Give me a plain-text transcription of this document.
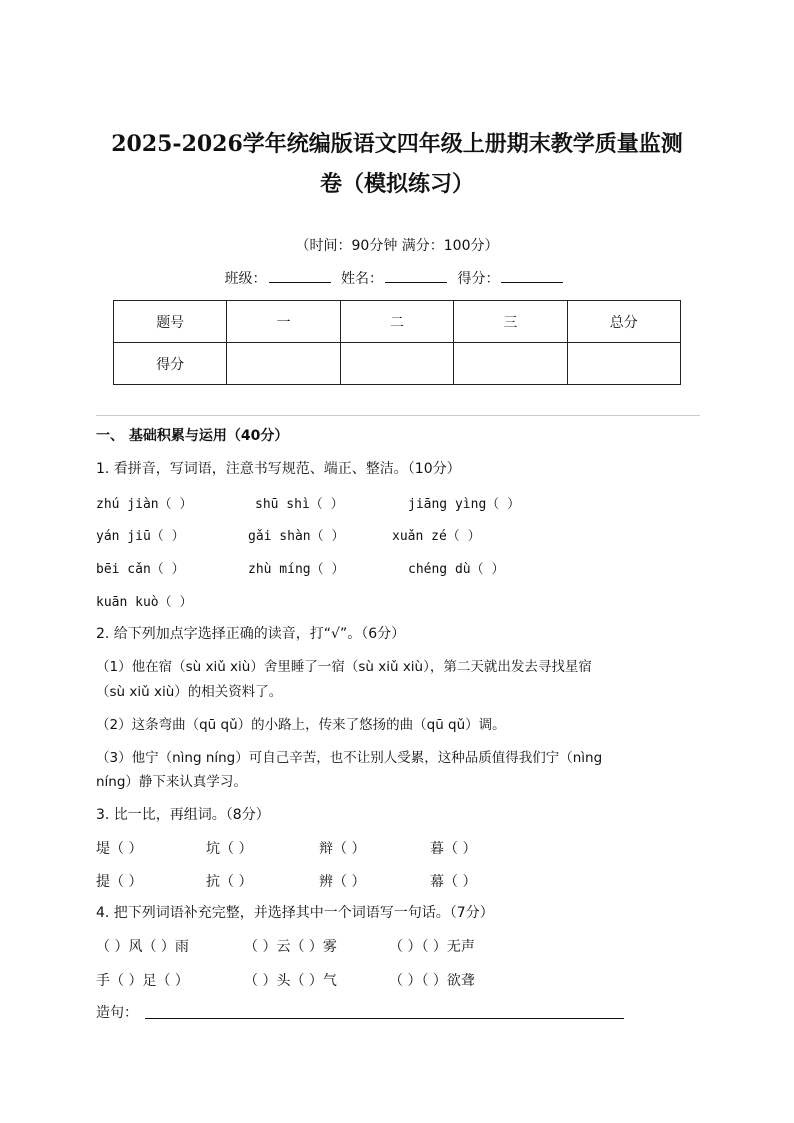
2025-2026学年统编版语文四年级上册期末教学质量监测
卷（模拟练习）
（时间：90分钟 满分：100分）
班级：	姓名：	得分：
题号	一	二	三	总分
得分				
一、 基础积累与运用（40分）
1. 看拼音，写词语，注意书写规范、端正、整洁。（10分）
zhú jiàn（ ）	shū shì（ ）	jiāng yìng（ ）
yán jiū（ ）	gǎi shàn（ ）	xuǎn zé（ ）
bēi cǎn（ ）	zhù míng（ ）	chéng dù（ ）
kuān kuò（ ）
2. 给下列加点字选择正确的读音，打“√”。（6分）
（1）他在宿（sù xiǔ xiù）舍里睡了一宿（sù xiǔ xiù），第二天就出发去寻找星宿
（sù xiǔ xiù）的相关资料了。
（2）这条弯曲（qū qǔ）的小路上，传来了悠扬的曲（qū qǔ）调。
（3）他宁（nìng níng）可自己辛苦，也不让别人受累，这种品质值得我们宁（nìng
níng）静下来认真学习。
3. 比一比，再组词。（8分）
堤（ ）	坑（ ）	辩（ ）	暮（ ）
提（ ）	抗（ ）	辨（ ）	幕（ ）
4. 把下列词语补充完整，并选择其中一个词语写一句话。（7分）
（ ）风（ ）雨	（ ）云（ ）雾	（ ）（ ）无声
手（ ）足（ ）	（ ）头（ ）气	（ ）（ ）欲聋
造句：
